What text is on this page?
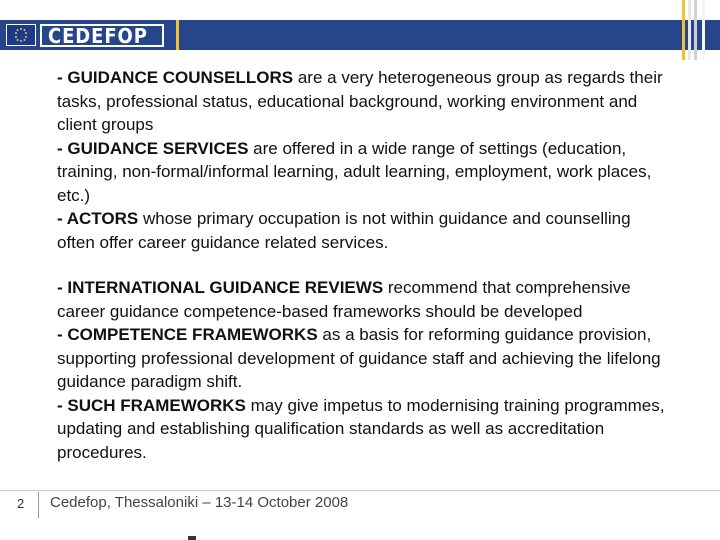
CEDEFOP

- GUIDANCE COUNSELLORS are a very heterogeneous group as regards their tasks, professional status, educational background, working environment and client groups

- GUIDANCE SERVICES are offered in a wide range of settings (education, training, non-formal/informal learning, adult learning, employment, work places, etc.)

- ACTORS whose primary occupation is not within guidance and counselling often offer career guidance related services.

- INTERNATIONAL GUIDANCE REVIEWS recommend that comprehensive career guidance competence-based frameworks should be developed

- COMPETENCE FRAMEWORKS as a basis for reforming guidance provision, supporting professional development of guidance staff and achieving the lifelong guidance paradigm shift.

- SUCH FRAMEWORKS may give impetus to modernising training programmes, updating and establishing qualification standards as well as accreditation procedures.

2 Cedefop, Thessaloniki – 13-14 October 2008
